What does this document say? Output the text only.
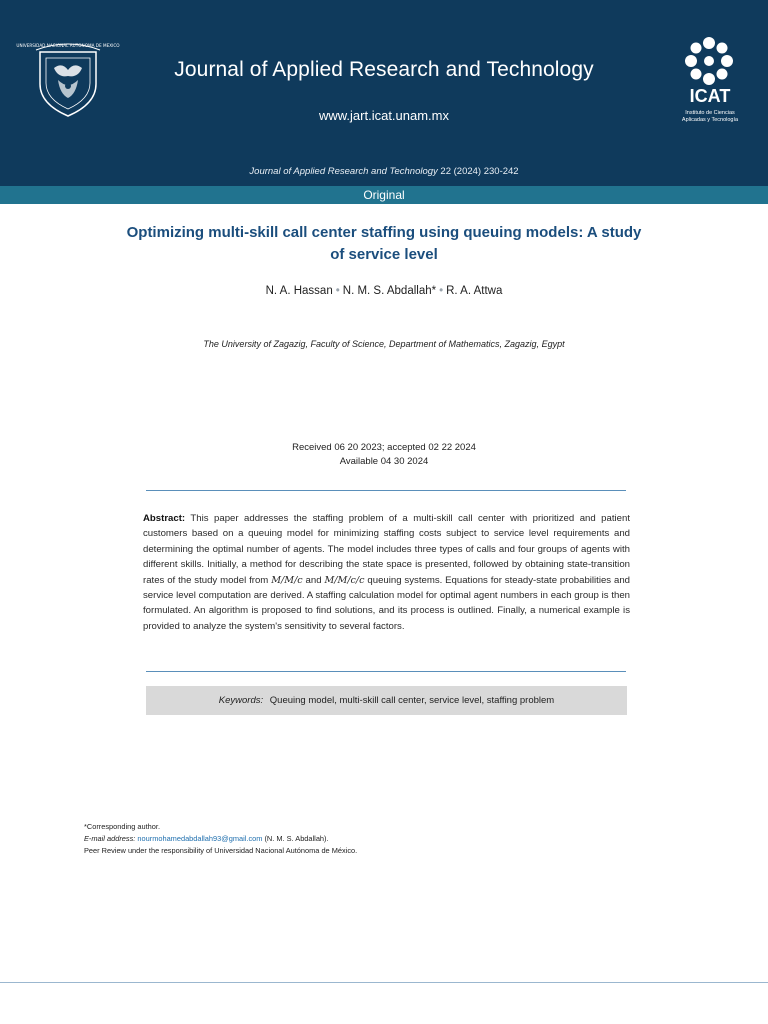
UNIVERSIDAD NACIONAL AUTONOMA DE MEXICO
Journal of Applied Research and Technology
www.jart.icat.unam.mx
Journal of Applied Research and Technology 22 (2024) 230-242
ICAT
Instituto de Ciencias
Aplicadas y Tecnología
Original
Optimizing multi-skill call center staffing using queuing models: A study of service level
N. A. Hassan • N. M. S. Abdallah* • R. A. Attwa
The University of Zagazig, Faculty of Science, Department of Mathematics, Zagazig, Egypt
Received 06 20 2023; accepted 02 22 2024
Available 04 30 2024
Abstract: This paper addresses the staffing problem of a multi-skill call center with prioritized and patient customers based on a queuing model for minimizing staffing costs subject to service level requirements and determining the optimal number of agents. The model includes three types of calls and four groups of agents with different skills. Initially, a method for describing the state space is presented, followed by obtaining state-transition rates of the study model from M/M/c and M/M/c/c queuing systems. Equations for steady-state probabilities and service level computation are derived. A staffing calculation model for optimal agent numbers in each group is then formulated. An algorithm is proposed to find solutions, and its process is outlined. Finally, a numerical example is provided to analyze the system's sensitivity to several factors.
Keywords: Queuing model, multi-skill call center, service level, staffing problem
*Corresponding author.
E-mail address: nourmohamedabdallah93@gmail.com (N. M. S. Abdallah).
Peer Review under the responsibility of Universidad Nacional Autónoma de México.
